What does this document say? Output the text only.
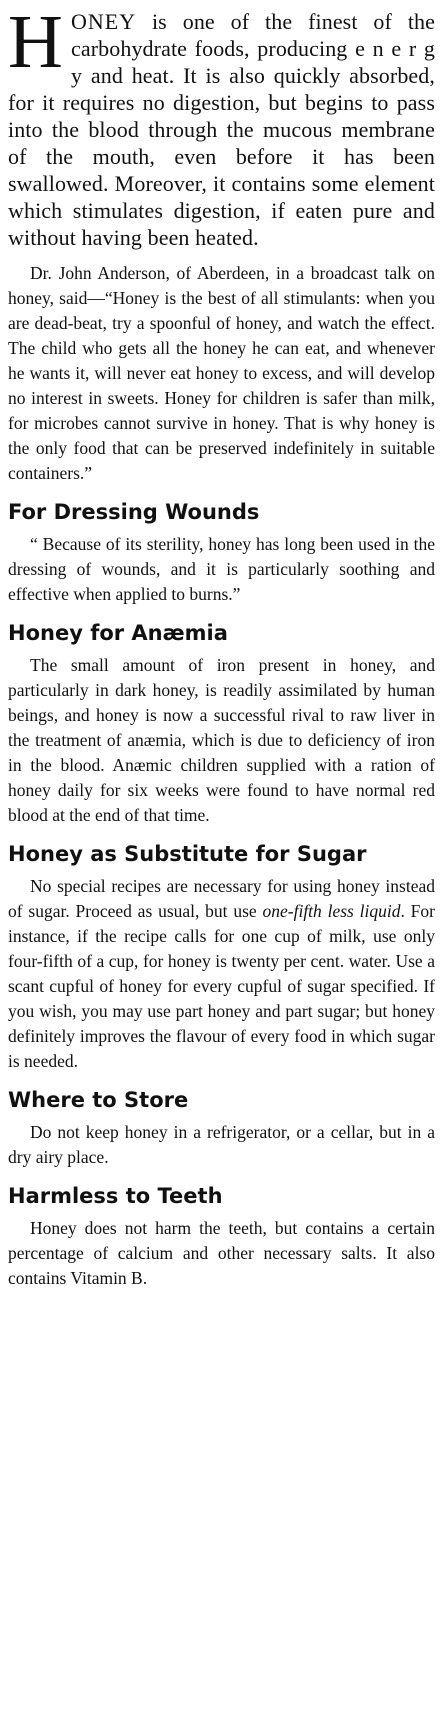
HONEY is one of the finest of the carbohydrate foods, producing e n e r g y and heat. It is also quickly absorbed, for it requires no digestion, but begins to pass into the blood through the mucous membrane of the mouth, even before it has been swallowed. Moreover, it contains some element which stimulates digestion, if eaten pure and without having been heated.

Dr. John Anderson, of Aberdeen, in a broadcast talk on honey, said—“Honey is the best of all stimulants: when you are dead-beat, try a spoonful of honey, and watch the effect. The child who gets all the honey he can eat, and whenever he wants it, will never eat honey to excess, and will develop no interest in sweets. Honey for children is safer than milk, for microbes cannot survive in honey. That is why honey is the only food that can be preserved indefinitely in suitable containers.”

For Dressing Wounds

“ Because of its sterility, honey has long been used in the dressing of wounds, and it is particularly soothing and effective when applied to burns.”

Honey for Anæmia

The small amount of iron present in honey, and particularly in dark honey, is readily assimilated by human beings, and honey is now a successful rival to raw liver in the treatment of anæmia, which is due to deficiency of iron in the blood. Anæmic children supplied with a ration of honey daily for six weeks were found to have normal red blood at the end of that time.

Honey as Substitute for Sugar

No special recipes are necessary for using honey instead of sugar. Proceed as usual, but use one-fifth less liquid. For instance, if the recipe calls for one cup of milk, use only four-fifth of a cup, for honey is twenty per cent. water. Use a scant cupful of honey for every cupful of sugar specified. If you wish, you may use part honey and part sugar; but honey definitely improves the flavour of every food in which sugar is needed.

Where to Store

Do not keep honey in a refrigerator, or a cellar, but in a dry airy place.

Harmless to Teeth

Honey does not harm the teeth, but contains a certain percentage of calcium and other necessary salts. It also contains Vitamin B.
